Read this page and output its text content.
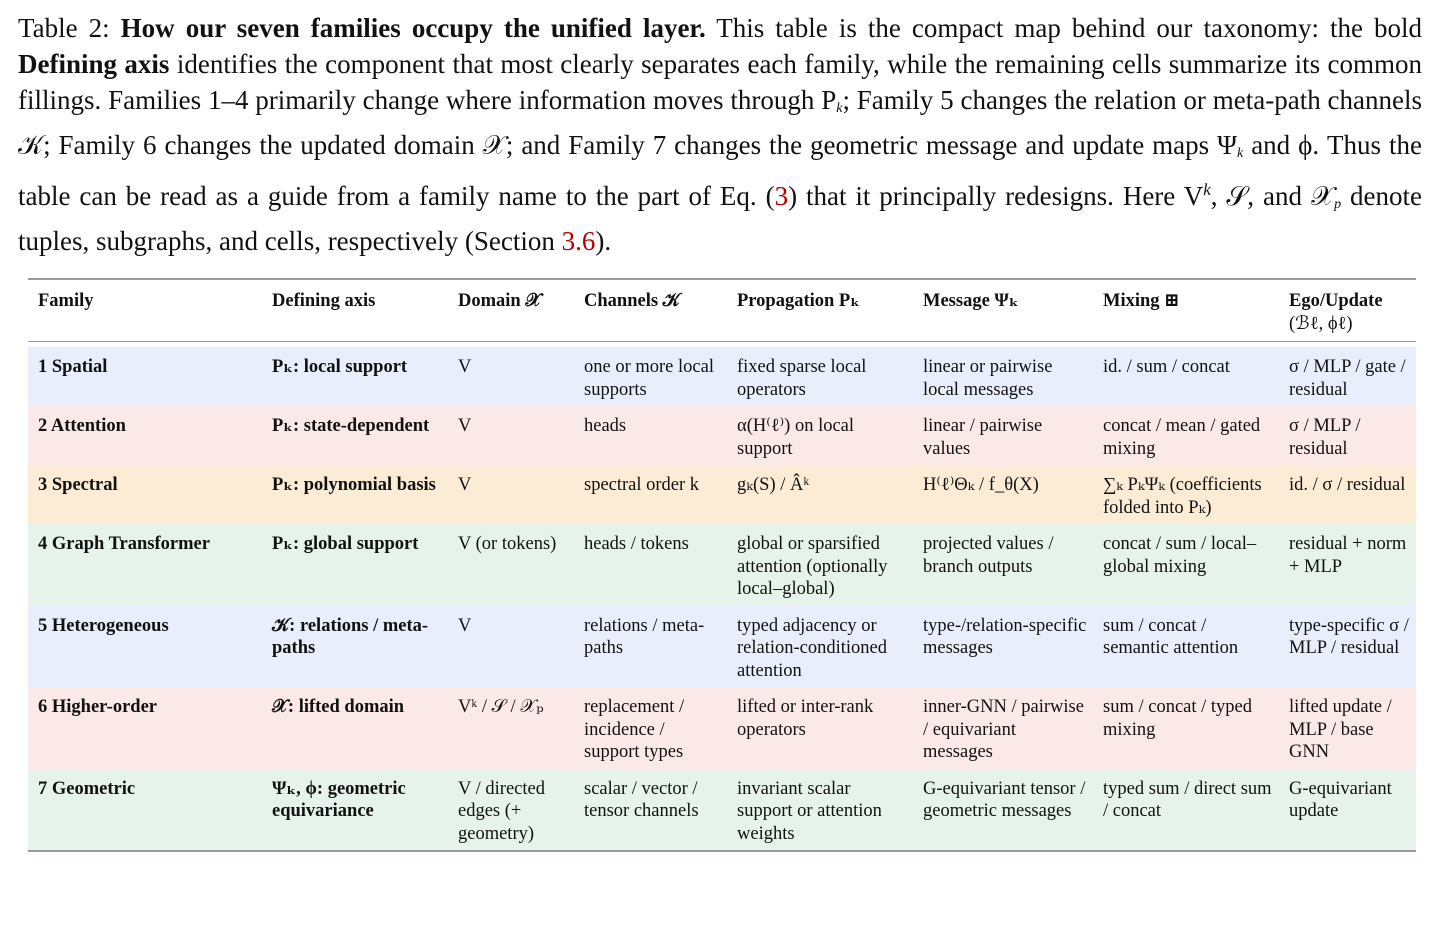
Table 2: How our seven families occupy the unified layer. This table is the compact map behind our taxonomy: the bold Defining axis identifies the component that most clearly separates each family, while the remaining cells summarize its common fillings. Families 1–4 primarily change where information moves through $P_k$; Family 5 changes the relation or meta-path channels 𝒦; Family 6 changes the updated domain 𝒳; and Family 7 changes the geometric message and update maps $\Psi_k$ and ϕ. Thus the table can be read as a guide from a family name to the part of Eq. (3) that it principally redesigns. Here $V^k$, 𝒮, and 𝒳$_p$ denote tuples, subgraphs, and cells, respectively (Section 3.6).

Family	Defining axis	Domain 𝒳	Channels 𝒦	Propagation Pₖ	Message Ψₖ	Mixing ⊞	Ego/Update
(ℬℓ, ϕℓ)

1 Spatial	Pₖ: local support	V	one or more local supports	fixed sparse local operators	linear or pairwise local messages	id. / sum / concat	σ / MLP / gate / residual
2 Attention	Pₖ: state-dependent	V	heads	α(H⁽ℓ⁾) on local support	linear / pairwise values	concat / mean / gated mixing	σ / MLP / residual
3 Spectral	Pₖ: polynomial basis	V	spectral order k	gₖ(S) / Âᵏ	H⁽ℓ⁾Θₖ / f_θ(X)	∑ₖ PₖΨₖ (coefficients folded into Pₖ)	id. / σ / residual
4 Graph Transformer	Pₖ: global support	V (or tokens)	heads / tokens	global or sparsified attention (optionally local–global)	projected values / branch outputs	concat / sum / local–global mixing	residual + norm + MLP
5 Heterogeneous	𝒦: relations / meta-paths	V	relations / meta-paths	typed adjacency or relation-conditioned attention	type-/relation-specific messages	sum / concat / semantic attention	type-specific σ / MLP / residual
6 Higher-order	𝒳: lifted domain	Vᵏ / 𝒮 / 𝒳ₚ	replacement / incidence / support types	lifted or inter-rank operators	inner-GNN / pairwise / equivariant messages	sum / concat / typed mixing	lifted update / MLP / base GNN
7 Geometric	Ψₖ, ϕ: geometric equivariance	V / directed edges (+ geometry)	scalar / vector / tensor channels	invariant scalar support or attention weights	G-equivariant tensor / geometric messages	typed sum / direct sum / concat	G-equivariant update
